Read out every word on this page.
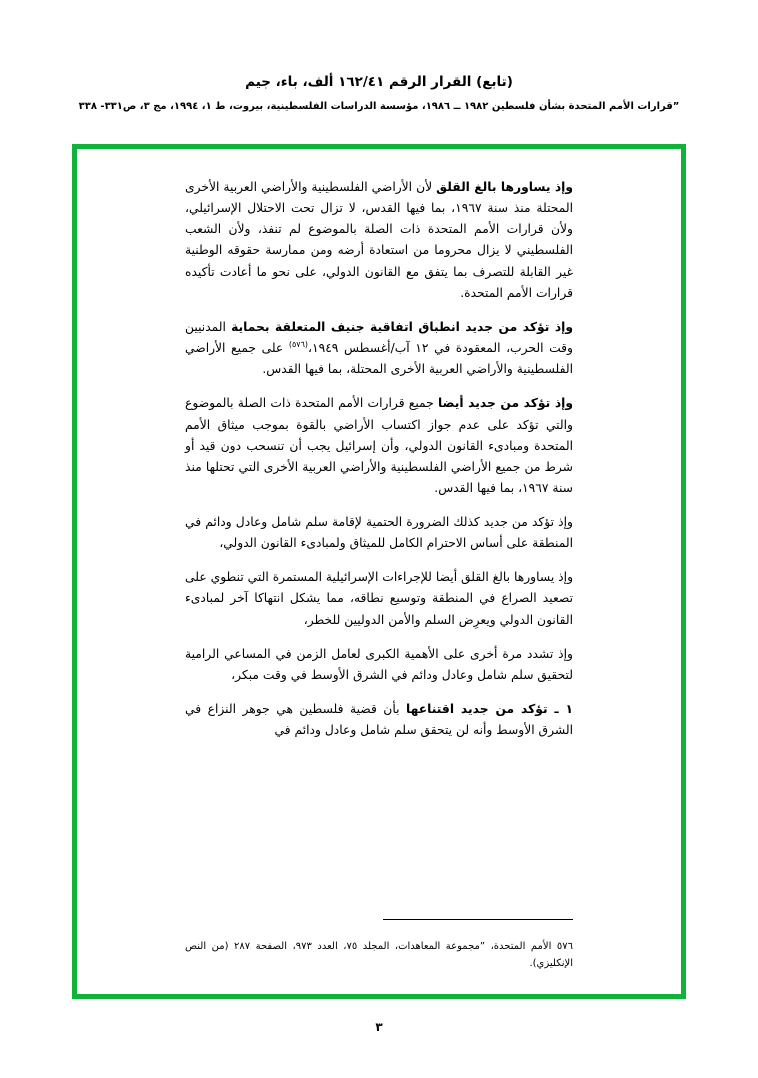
(تابع) القرار الرقم ١٦٢/٤١ ألف، باء، جيم
”قرارات الأمم المتحدة بشأن فلسطين ١٩٨٢ ــ ١٩٨٦، مؤسسة الدراسات الفلسطينية، بيروت، ط ١، ١٩٩٤، مج ٣، ص٣٣١- ٣٣٨

وإذ يساورها بالغ القلق لأن الأراضي الفلسطينية والأراضي العربية الأخرى المحتلة منذ سنة ١٩٦٧، بما فيها القدس، لا تزال تحت الاحتلال الإسرائيلي، ولأن قرارات الأمم المتحدة ذات الصلة بالموضوع لم تنفذ، ولأن الشعب الفلسطيني لا يزال محروما من استعادة أرضه ومن ممارسة حقوقه الوطنية غير القابلة للتصرف بما يتفق مع القانون الدولي، على نحو ما أعادت تأكيده قرارات الأمم المتحدة.

وإذ تؤكد من جديد انطباق اتفاقية جنيف المتعلقة بحماية المدنيين وقت الحرب، المعقودة في ١٢ آب/أغسطس ١٩٤٩،$^{(٥٧٦)}$ على جميع الأراضي الفلسطينية والأراضي العربية الأخرى المحتلة، بما فيها القدس.

وإذ تؤكد من جديد أيضا جميع قرارات الأمم المتحدة ذات الصلة بالموضوع والتي تؤكد على عدم جواز اكتساب الأراضي بالقوة بموجب ميثاق الأمم المتحدة ومبادىء القانون الدولي، وأن إسرائيل يجب أن تنسحب دون قيد أو شرط من جميع الأراضي الفلسطينية والأراضي العربية الأخرى التي تحتلها منذ سنة ١٩٦٧، بما فيها القدس.

وإذ تؤكد من جديد كذلك الضرورة الحتمية لإقامة سلم شامل وعادل ودائم في المنطقة على أساس الاحترام الكامل للميثاق ولمبادىء القانون الدولي،

وإذ يساورها بالغ القلق أيضا للإجراءات الإسرائيلية المستمرة التي تنطوي على تصعيد الصراع في المنطقة وتوسيع نطاقه، مما يشكل انتهاكا آخر لمبادىء القانون الدولي ويعرِض السلم والأمن الدوليين للخطر،

وإذ تشدد مرة أخرى على الأهمية الكبرى لعامل الزمن في المساعي الرامية لتحقيق سلم شامل وعادل ودائم في الشرق الأوسط في وقت مبكر،

١ ـ تؤكد من جديد اقتناعها بأن قضية فلسطين هي جوهر النزاع في الشرق الأوسط وأنه لن يتحقق سلم شامل وعادل ودائم في

٥٧٦ الأمم المتحدة، ”مجموعة المعاهدات، المجلد ٧٥، العدد ٩٧٣، الصفحة ٢٨٧ (من النص الإنكليزي).
٣
